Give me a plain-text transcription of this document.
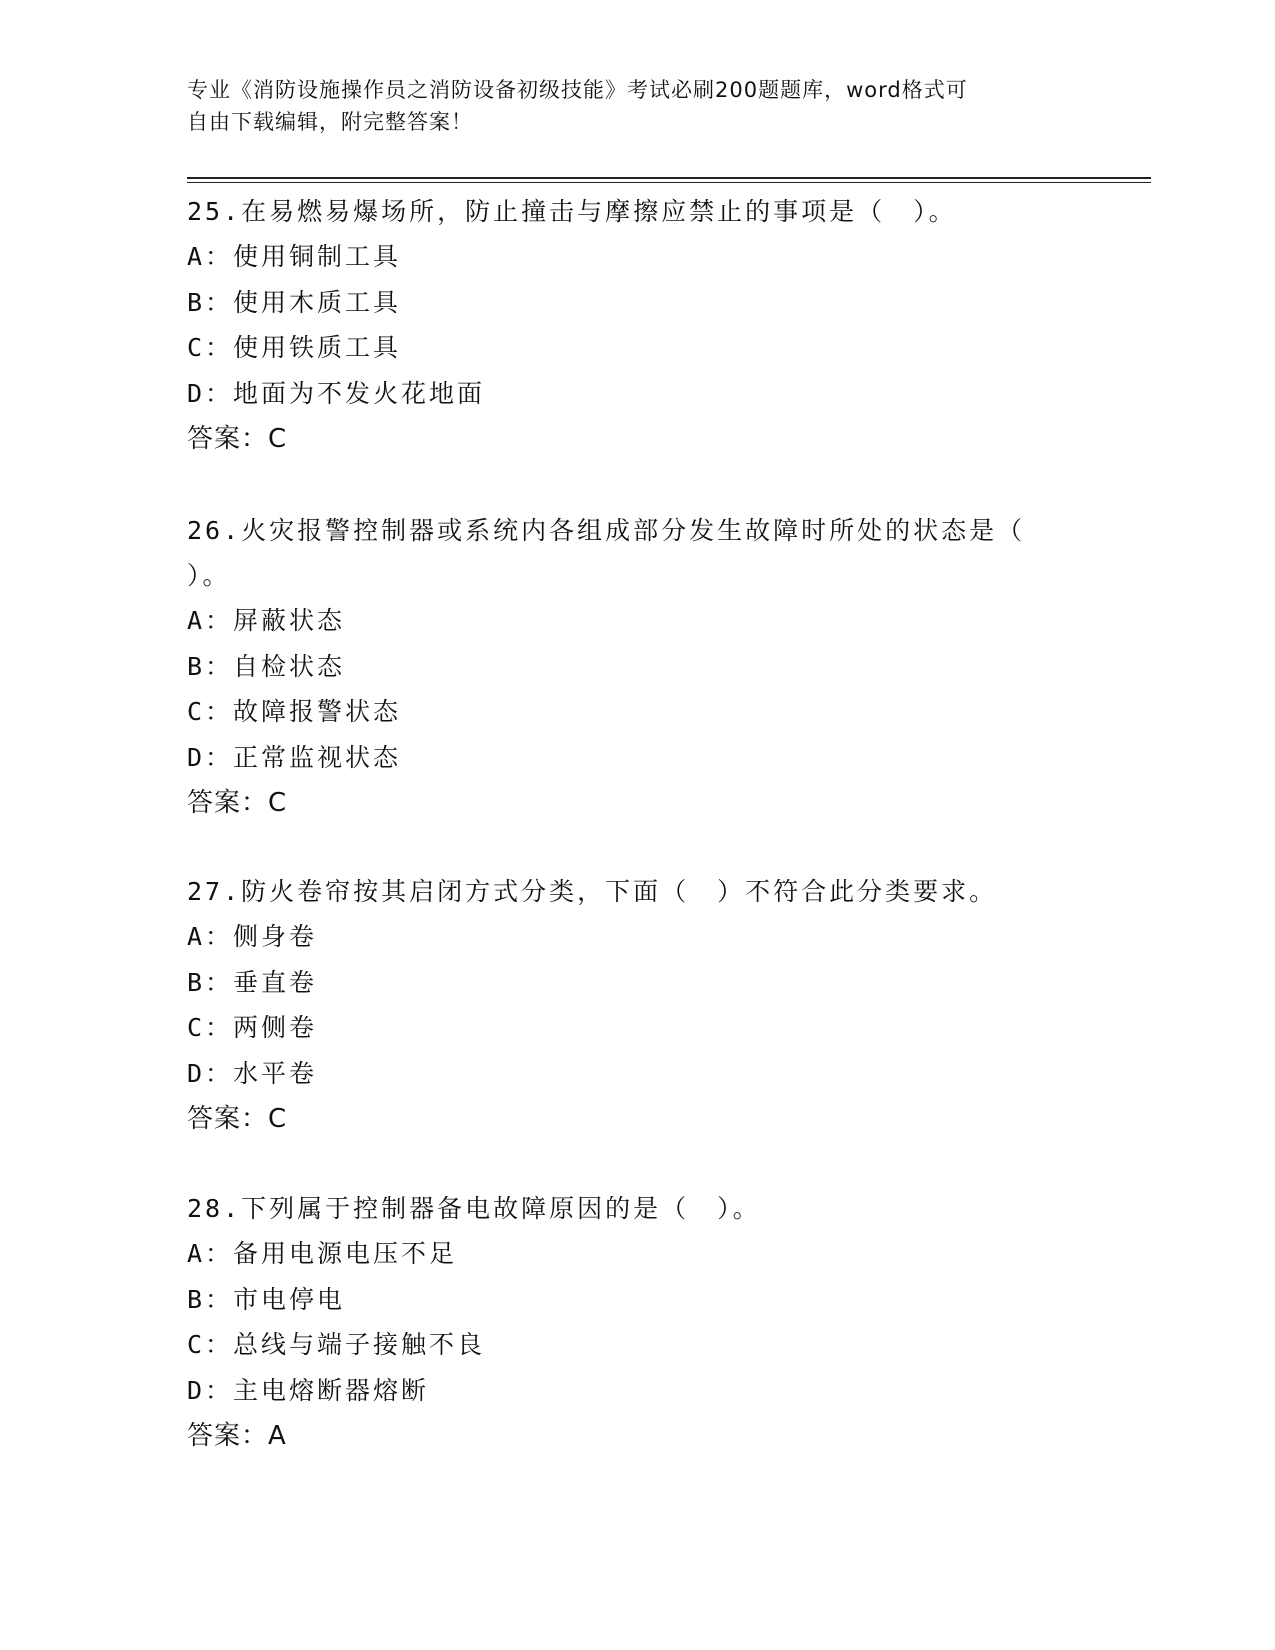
专业《消防设施操作员之消防设备初级技能》考试必刷200题题库，word格式可
自由下载编辑，附完整答案！

25.在易燃易爆场所，防止撞击与摩擦应禁止的事项是（　）。

A：使用铜制工具

B：使用木质工具

C：使用铁质工具

D：地面为不发火花地面

答案：C

26.火灾报警控制器或系统内各组成部分发生故障时所处的状态是（

）。

A：屏蔽状态

B：自检状态

C：故障报警状态

D：正常监视状态

答案：C

27.防火卷帘按其启闭方式分类，下面（　）不符合此分类要求。

A：侧身卷

B：垂直卷

C：两侧卷

D：水平卷

答案：C

28.下列属于控制器备电故障原因的是（　）。

A：备用电源电压不足

B：市电停电

C：总线与端子接触不良

D：主电熔断器熔断

答案：A
